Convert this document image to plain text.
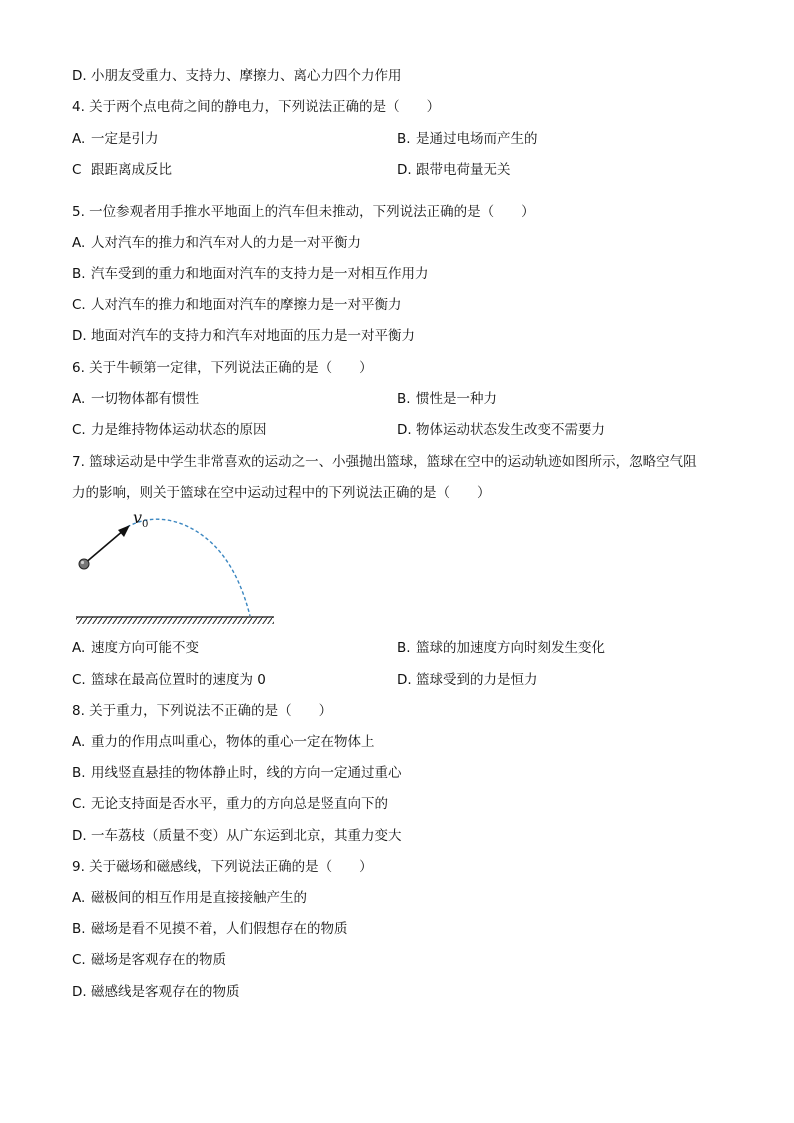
D. 小朋友受重力、支持力、摩擦力、离心力四个力作用
4. 关于两个点电荷之间的静电力，下列说法正确的是（　　）
A. 一定是引力	B. 是通过电场而产生的
C 跟距离成反比	D. 跟带电荷量无关
5. 一位参观者用手推水平地面上的汽车但未推动，下列说法正确的是（　　）
A. 人对汽车的推力和汽车对人的力是一对平衡力
B. 汽车受到的重力和地面对汽车的支持力是一对相互作用力
C. 人对汽车的推力和地面对汽车的摩擦力是一对平衡力
D. 地面对汽车的支持力和汽车对地面的压力是一对平衡力
6. 关于牛顿第一定律，下列说法正确的是（　　）
A. 一切物体都有惯性	B. 惯性是一种力
C. 力是维持物体运动状态的原因	D. 物体运动状态发生改变不需要力
7. 篮球运动是中学生非常喜欢的运动之一、小强抛出篮球，篮球在空中的运动轨迹如图所示，忽略空气阻
力的影响，则关于篮球在空中运动过程中的下列说法正确的是（　　）
v 0
A. 速度方向可能不变	B. 篮球的加速度方向时刻发生变化
C. 篮球在最高位置时的速度为 0	D. 篮球受到的力是恒力
8. 关于重力，下列说法不正确的是（　　）
A. 重力的作用点叫重心，物体的重心一定在物体上
B. 用线竖直悬挂的物体静止时，线的方向一定通过重心
C. 无论支持面是否水平，重力的方向总是竖直向下的
D. 一车荔枝（质量不变）从广东运到北京，其重力变大
9. 关于磁场和磁感线，下列说法正确的是（　　）
A. 磁极间的相互作用是直接接触产生的
B. 磁场是看不见摸不着，人们假想存在的物质
C. 磁场是客观存在的物质
D. 磁感线是客观存在的物质
